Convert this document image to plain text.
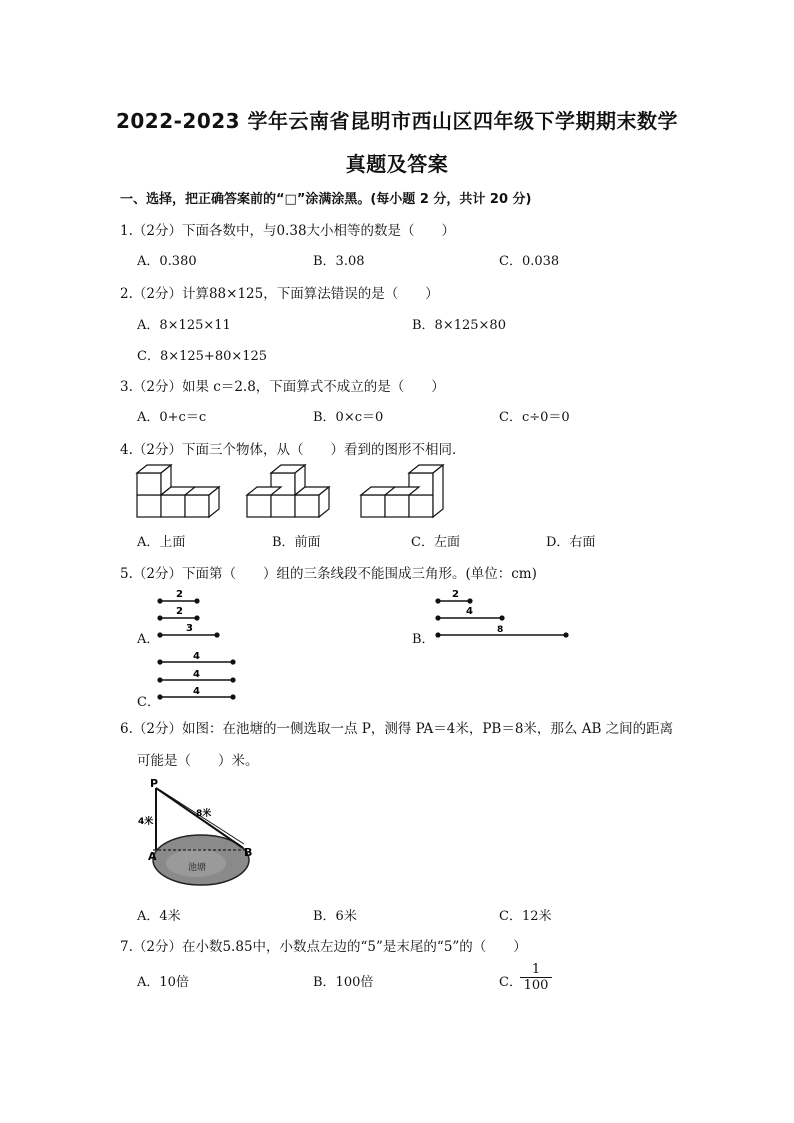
2022-2023 学年云南省昆明市西山区四年级下学期期末数学
真题及答案
一、选择，把正确答案前的“□”涂满涂黑。(每小题 2 分，共计 20 分)
1.（2分）下面各数中，与0.38大小相等的数是（　　）
A．0.380	B．3.08	C．0.038
2.（2分）计算88×125，下面算法错误的是（　　）
A．8×125×11	B．8×125×80
C．8×125+80×125
3.（2分）如果 c＝2.8，下面算式不成立的是（　　）
A．0+c＝c	B．0×c＝0	C．c÷0＝0
4.（2分）下面三个物体，从（　　）看到的图形不相同．
A．上面	B．前面	C．左面	D．右面
5.（2分）下面第（　　）组的三条线段不能围成三角形。(单位：cm)
2
2
3
A．
2
4
8
B．
4
4
4
C．
6.（2分）如图：在池塘的一侧选取一点 P，测得 PA＝4米，PB＝8米，那么 AB 之间的距离
可能是（　　）米。
P
A	B
4米
8米
池塘
A．4米	B．6米	C．12米
7.（2分）在小数5.85中，小数点左边的“5”是末尾的“5”的（　　）
A．10倍	B．100倍	C．
$\frac{1}{100}$
